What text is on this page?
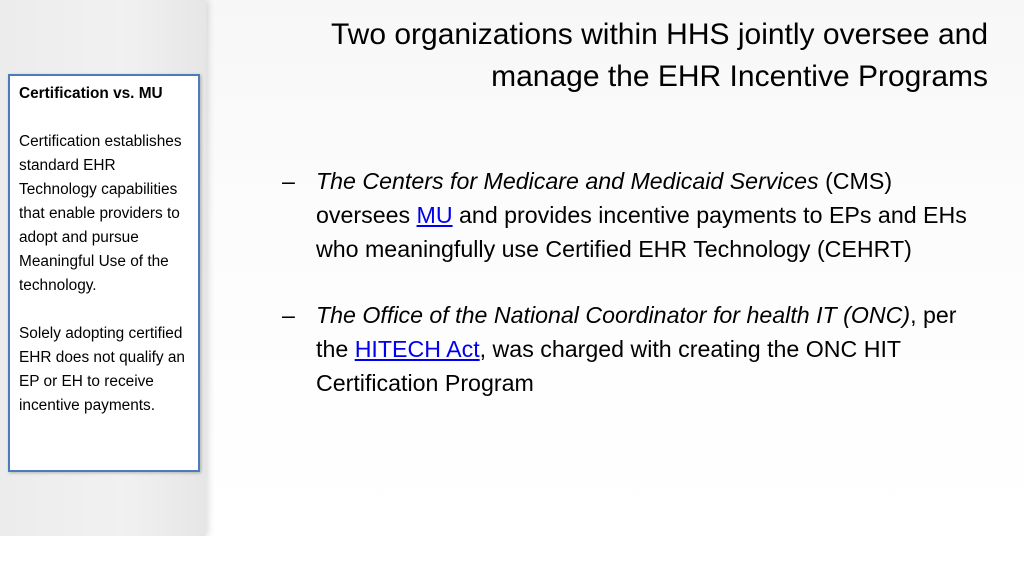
Certification vs. MU

Certification establishes standard EHR Technology capabilities that enable providers to adopt and pursue Meaningful Use of the technology.

Solely adopting certified EHR does not qualify an EP or EH to receive incentive payments.

Two organizations within HHS jointly oversee and manage the EHR Incentive Programs
– The Centers for Medicare and Medicaid Services (CMS) oversees MU and provides incentive payments to EPs and EHs who meaningfully use Certified EHR Technology (CEHRT)
– The Office of the National Coordinator for health IT (ONC), per the HITECH Act, was charged with creating the ONC HIT Certification Program
